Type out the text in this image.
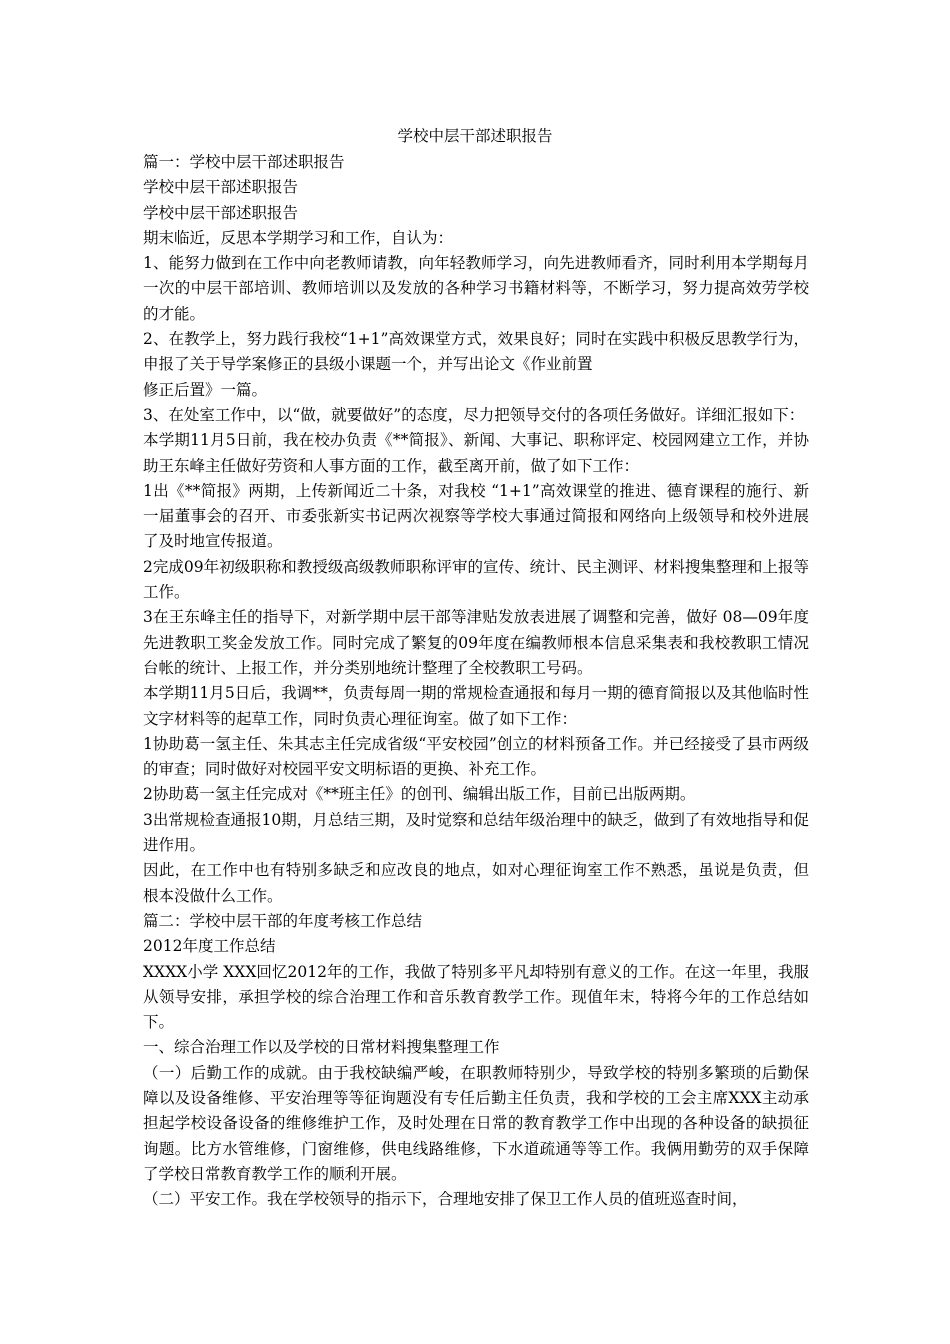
学校中层干部述职报告

篇一：学校中层干部述职报告

学校中层干部述职报告

学校中层干部述职报告

期末临近，反思本学期学习和工作，自认为：

1、能努力做到在工作中向老教师请教，向年轻教师学习，向先进教师看齐，同时利用本学期每月一次的中层干部培训、教师培训以及发放的各种学习书籍材料等，不断学习，努力提高效劳学校的才能。

2、在教学上，努力践行我校“1+1”高效课堂方式，效果良好；同时在实践中积极反思教学行为，申报了关于导学案修正的县级小课题一个，并写出论文《作业前置

修正后置》一篇。

3、在处室工作中，以“做，就要做好”的态度，尽力把领导交付的各项任务做好。详细汇报如下：

本学期11月5日前，我在校办负责《**简报》、新闻、大事记、职称评定、校园网建立工作，并协助王东峰主任做好劳资和人事方面的工作，截至离开前，做了如下工作：

1出《**简报》两期，上传新闻近二十条，对我校 “1+1”高效课堂的推进、德育课程的施行、新一届董事会的召开、市委张新实书记两次视察等学校大事通过简报和网络向上级领导和校外进展了及时地宣传报道。

2完成09年初级职称和教授级高级教师职称评审的宣传、统计、民主测评、材料搜集整理和上报等工作。

3在王东峰主任的指导下，对新学期中层干部等津贴发放表进展了调整和完善，做好 08—09年度先进教职工奖金发放工作。同时完成了繁复的09年度在编教师根本信息采集表和我校教职工情况台帐的统计、上报工作，并分类别地统计整理了全校教职工号码。

本学期11月5日后，我调**，负责每周一期的常规检查通报和每月一期的德育简报以及其他临时性文字材料等的起草工作，同时负责心理征询室。做了如下工作：

1协助葛一氢主任、朱其志主任完成省级“平安校园”创立的材料预备工作。并已经接受了县市两级的审查；同时做好对校园平安文明标语的更换、补充工作。

2协助葛一氢主任完成对《**班主任》的创刊、编辑出版工作，目前已出版两期。

3出常规检查通报10期，月总结三期，及时觉察和总结年级治理中的缺乏，做到了有效地指导和促进作用。

因此，在工作中也有特别多缺乏和应改良的地点，如对心理征询室工作不熟悉，虽说是负责，但根本没做什么工作。

篇二：学校中层干部的年度考核工作总结

2012年度工作总结

XXXX小学 XXX回忆2012年的工作，我做了特别多平凡却特别有意义的工作。在这一年里，我服从领导安排，承担学校的综合治理工作和音乐教育教学工作。现值年末，特将今年的工作总结如下。

一、综合治理工作以及学校的日常材料搜集整理工作

（一）后勤工作的成就。由于我校缺编严峻，在职教师特别少，导致学校的特别多繁琐的后勤保障以及设备维修、平安治理等等征询题没有专任后勤主任负责，我和学校的工会主席XXX主动承担起学校设备设备的维修维护工作，及时处理在日常的教育教学工作中出现的各种设备的缺损征询题。比方水管维修，门窗维修，供电线路维修，下水道疏通等等工作。我俩用勤劳的双手保障了学校日常教育教学工作的顺利开展。

（二）平安工作。我在学校领导的指示下，合理地安排了保卫工作人员的值班巡查时间，
